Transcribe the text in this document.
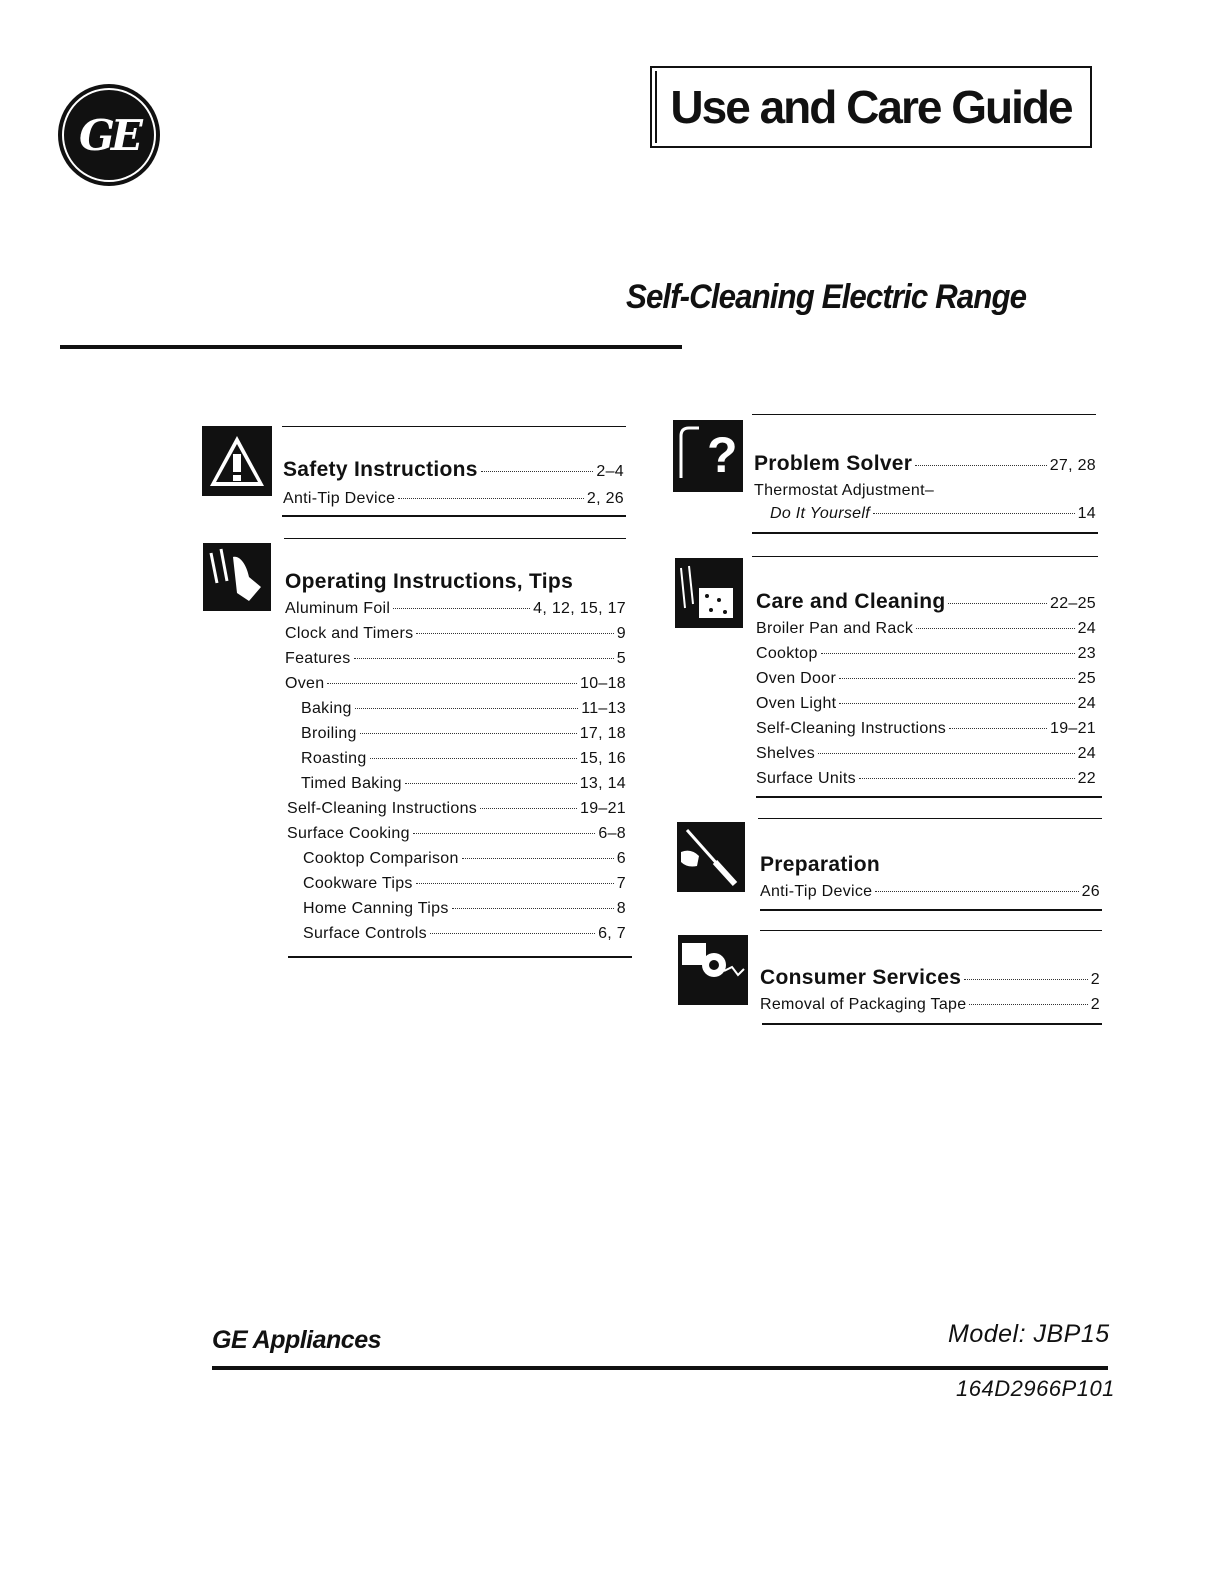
GE
Use and Care Guide
Self-Cleaning Electric Range
Safety Instructions	2–4
Anti-Tip Device	2, 26
Operating Instructions, Tips
Aluminum Foil	4, 12, 15, 17
Clock and Timers	9
Features	5
Oven	10–18
Baking	11–13
Broiling	17, 18
Roasting	15, 16
Timed Baking	13, 14
Self-Cleaning Instructions	19–21
Surface Cooking	6–8
Cooktop Comparison	6
Cookware Tips	7
Home Canning Tips	8
Surface Controls	6, 7
? Problem Solver	27, 28
Thermostat Adjustment–
Do It Yourself	14
Care and Cleaning	22–25
Broiler Pan and Rack	24
Cooktop	23
Oven Door	25
Oven Light	24
Self-Cleaning Instructions	19–21
Shelves	24
Surface Units	22
Preparation
Anti-Tip Device	26
Consumer Services	2
Removal of Packaging Tape	2
GE Appliances	Model: JBP15
164D2966P101
